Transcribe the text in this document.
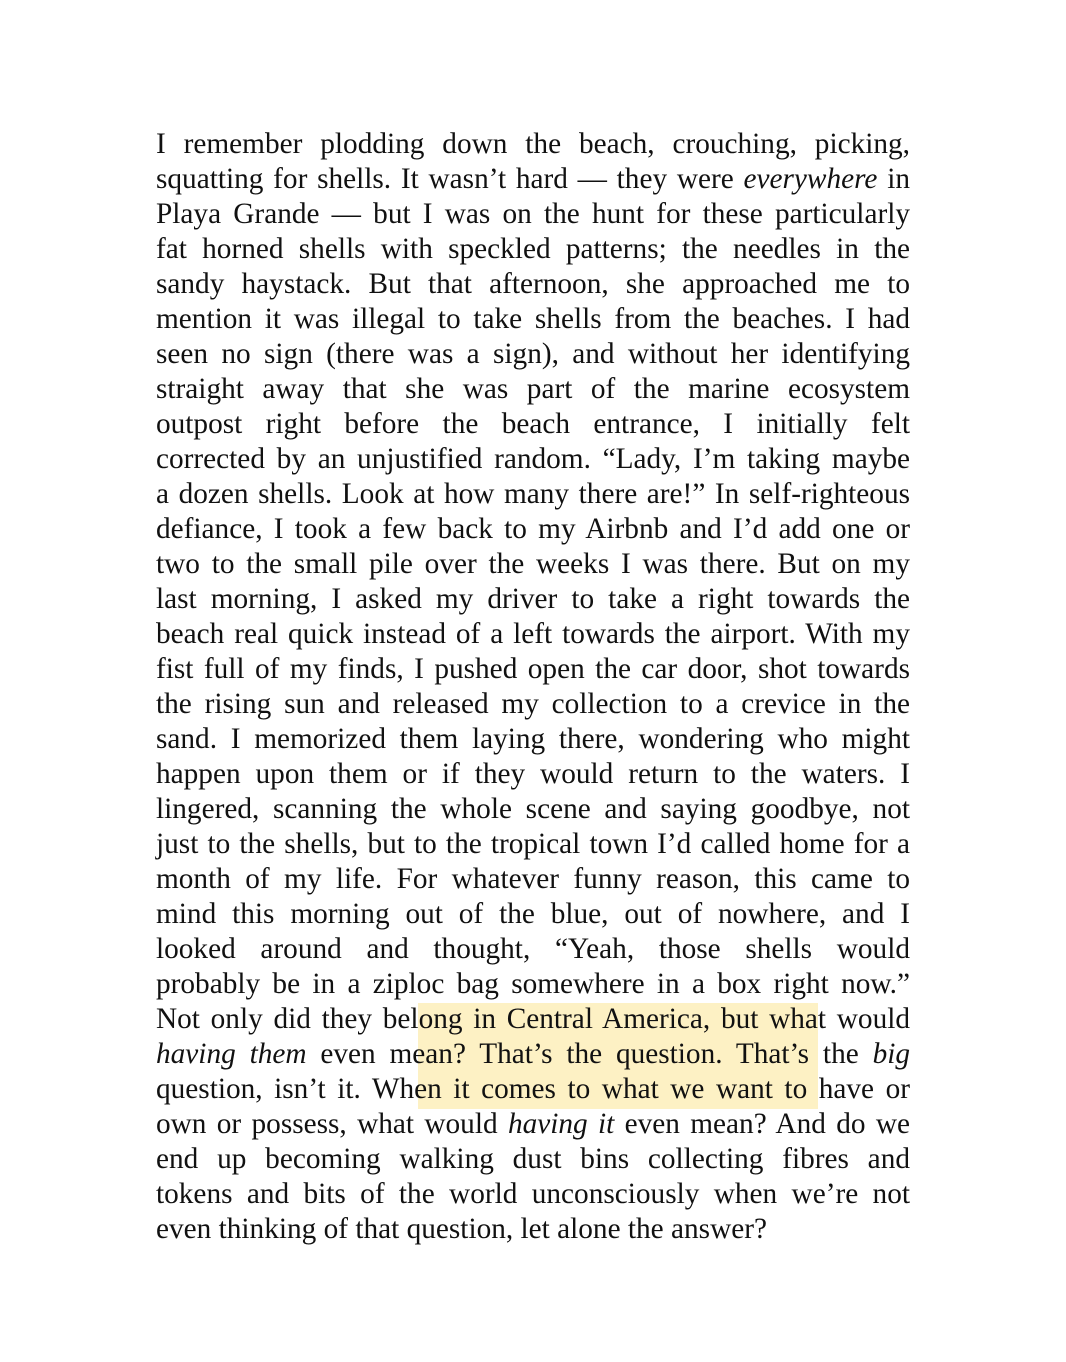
I remember plodding down the beach, crouching, picking,
squatting for shells. It wasn’t hard — they were everywhere in
Playa Grande — but I was on the hunt for these particularly
fat horned shells with speckled patterns; the needles in the
sandy haystack. But that afternoon, she approached me to
mention it was illegal to take shells from the beaches. I had
seen no sign (there was a sign), and without her identifying
straight away that she was part of the marine ecosystem
outpost right before the beach entrance, I initially felt
corrected by an unjustified random. “Lady, I’m taking maybe
a dozen shells. Look at how many there are!” In self-righteous
defiance, I took a few back to my Airbnb and I’d add one or
two to the small pile over the weeks I was there. But on my
last morning, I asked my driver to take a right towards the
beach real quick instead of a left towards the airport. With my
fist full of my finds, I pushed open the car door, shot towards
the rising sun and released my collection to a crevice in the
sand. I memorized them laying there, wondering who might
happen upon them or if they would return to the waters. I
lingered, scanning the whole scene and saying goodbye, not
just to the shells, but to the tropical town I’d called home for a
month of my life. For whatever funny reason, this came to
mind this morning out of the blue, out of nowhere, and I
looked around and thought, “Yeah, those shells would
probably be in a ziploc bag somewhere in a box right now.”
Not only did they belong in Central America, but what would
having them even mean? That’s the question. That’s the big
question, isn’t it. When it comes to what we want to have or
own or possess, what would having it even mean? And do we
end up becoming walking dust bins collecting fibres and
tokens and bits of the world unconsciously when we’re not
even thinking of that question, let alone the answer?
